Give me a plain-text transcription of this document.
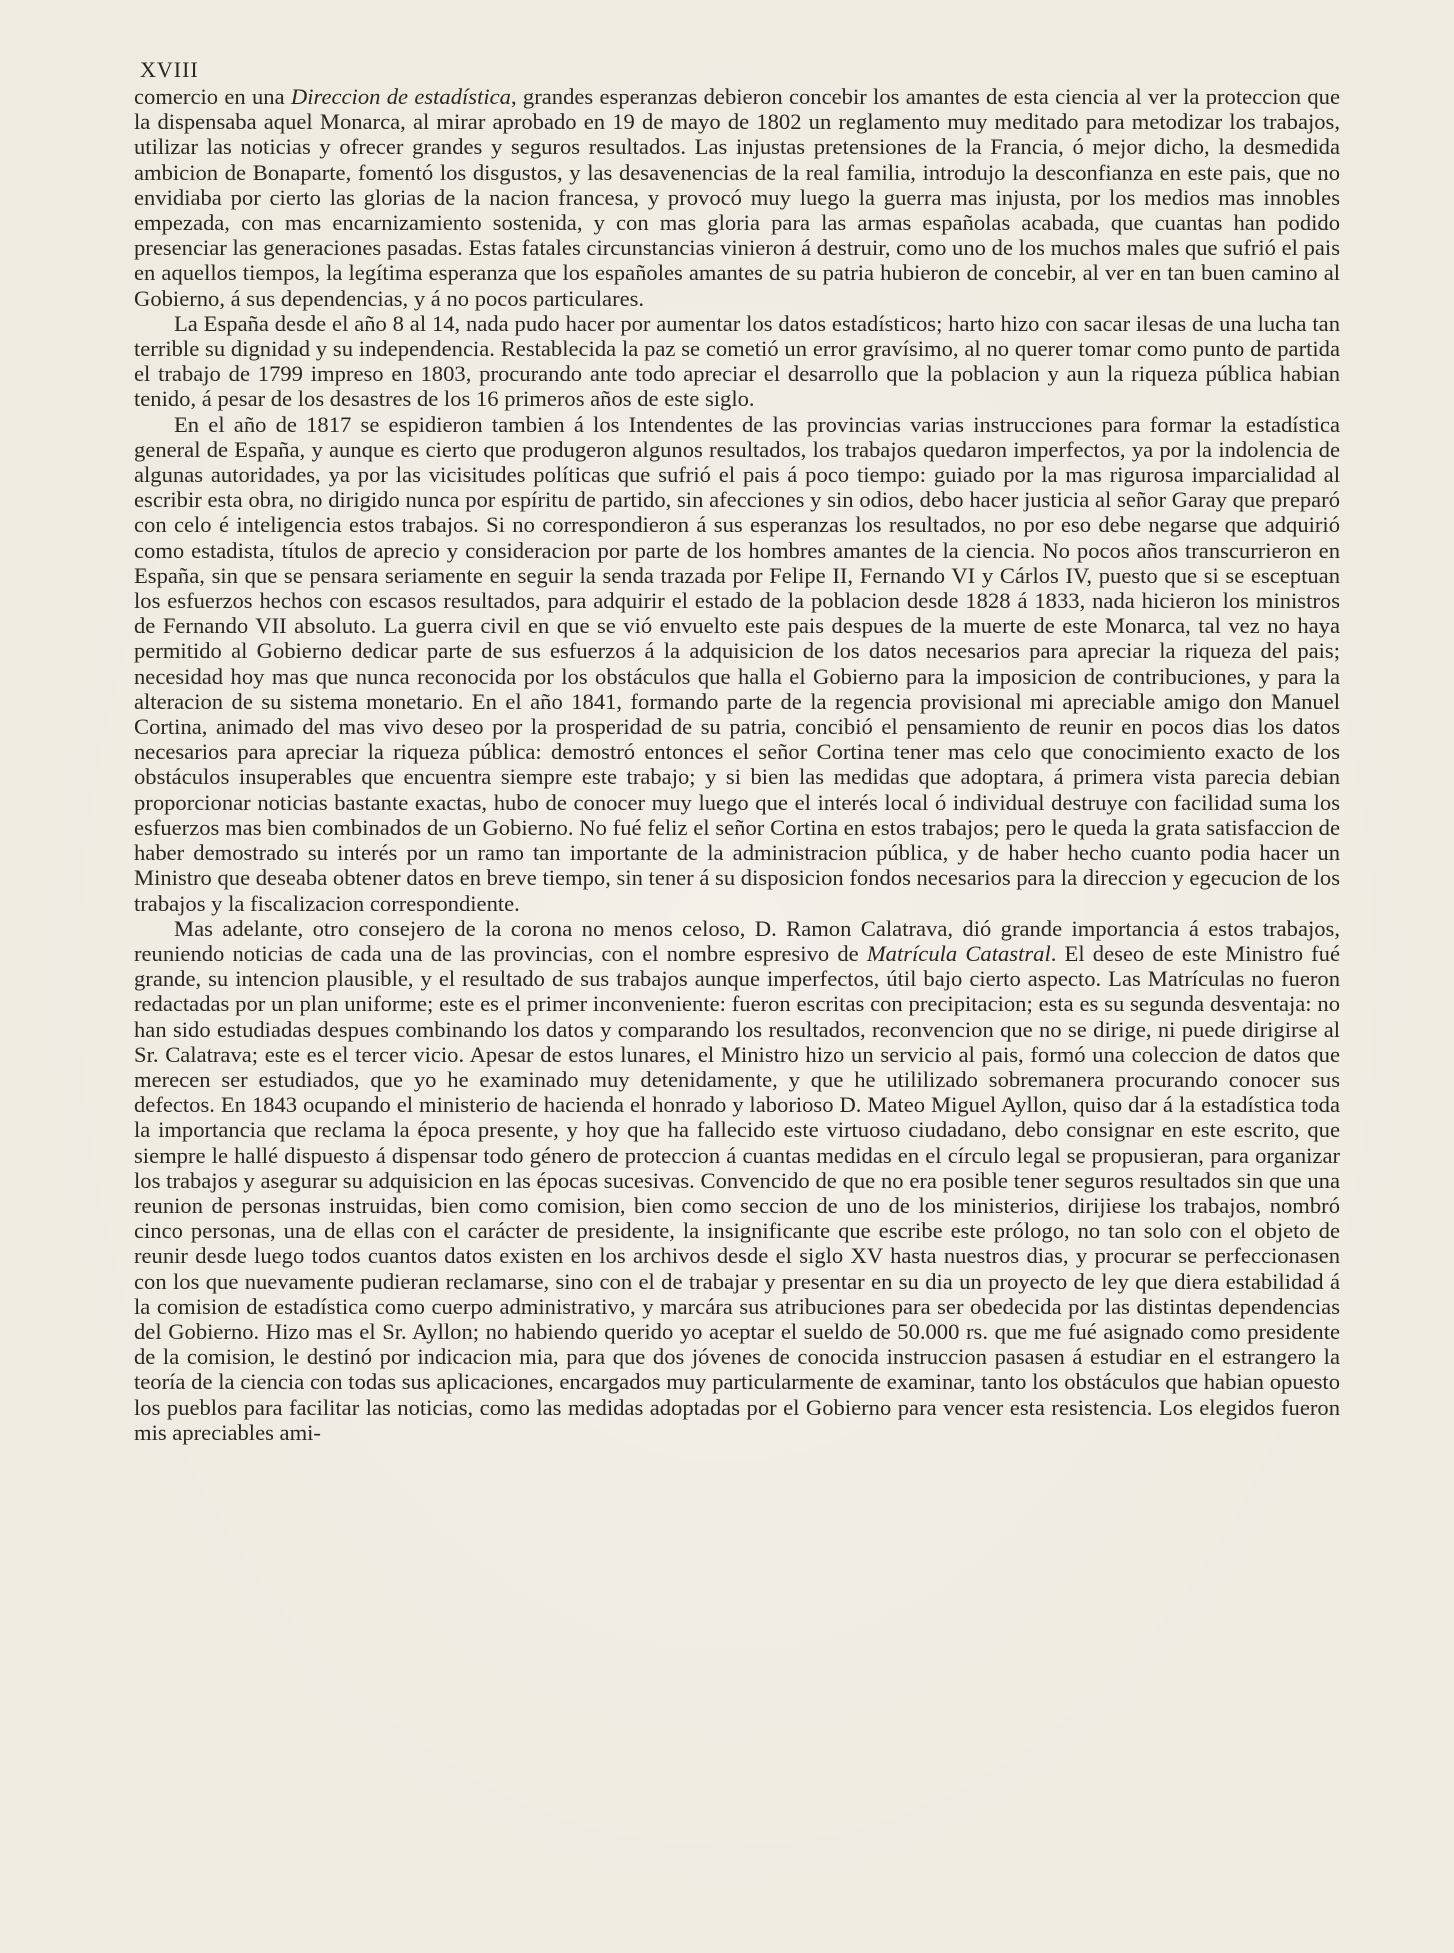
XVIII

comercio en una Direccion de estadística, grandes esperanzas debieron concebir los amantes de esta ciencia al ver la proteccion que la dispensaba aquel Monarca, al mirar aprobado en 19 de mayo de 1802 un reglamento muy meditado para metodizar los trabajos, utilizar las noticias y ofrecer grandes y seguros resultados. Las injustas pretensiones de la Francia, ó mejor dicho, la desmedida ambicion de Bonaparte, fomentó los disgustos, y las desavenencias de la real familia, introdujo la desconfianza en este pais, que no envidiaba por cierto las glorias de la nacion francesa, y provocó muy luego la guerra mas injusta, por los medios mas innobles empezada, con mas encarnizamiento sostenida, y con mas gloria para las armas españolas acabada, que cuantas han podido presenciar las generaciones pasadas. Estas fatales circunstancias vinieron á destruir, como uno de los muchos males que sufrió el pais en aquellos tiempos, la legítima esperanza que los españoles amantes de su patria hubieron de concebir, al ver en tan buen camino al Gobierno, á sus dependencias, y á no pocos particulares.

La España desde el año 8 al 14, nada pudo hacer por aumentar los datos estadísticos; harto hizo con sacar ilesas de una lucha tan terrible su dignidad y su independencia. Restablecida la paz se cometió un error gravísimo, al no querer tomar como punto de partida el trabajo de 1799 impreso en 1803, procurando ante todo apreciar el desarrollo que la poblacion y aun la riqueza pública habian tenido, á pesar de los desastres de los 16 primeros años de este siglo.

En el año de 1817 se espidieron tambien á los Intendentes de las provincias varias instrucciones para formar la estadística general de España, y aunque es cierto que produgeron algunos resultados, los trabajos quedaron imperfectos, ya por la indolencia de algunas autoridades, ya por las vicisitudes políticas que sufrió el pais á poco tiempo: guiado por la mas rigurosa imparcialidad al escribir esta obra, no dirigido nunca por espíritu de partido, sin afecciones y sin odios, debo hacer justicia al señor Garay que preparó con celo é inteligencia estos trabajos. Si no correspondieron á sus esperanzas los resultados, no por eso debe negarse que adquirió como estadista, títulos de aprecio y consideracion por parte de los hombres amantes de la ciencia. No pocos años transcurrieron en España, sin que se pensara seriamente en seguir la senda trazada por Felipe II, Fernando VI y Cárlos IV, puesto que si se esceptuan los esfuerzos hechos con escasos resultados, para adquirir el estado de la poblacion desde 1828 á 1833, nada hicieron los ministros de Fernando VII absoluto. La guerra civil en que se vió envuelto este pais despues de la muerte de este Monarca, tal vez no haya permitido al Gobierno dedicar parte de sus esfuerzos á la adquisicion de los datos necesarios para apreciar la riqueza del pais; necesidad hoy mas que nunca reconocida por los obstáculos que halla el Gobierno para la imposicion de contribuciones, y para la alteracion de su sistema monetario. En el año 1841, formando parte de la regencia provisional mi apreciable amigo don Manuel Cortina, animado del mas vivo deseo por la prosperidad de su patria, concibió el pensamiento de reunir en pocos dias los datos necesarios para apreciar la riqueza pública: demostró entonces el señor Cortina tener mas celo que conocimiento exacto de los obstáculos insuperables que encuentra siempre este trabajo; y si bien las medidas que adoptara, á primera vista parecia debian proporcionar noticias bastante exactas, hubo de conocer muy luego que el interés local ó individual destruye con facilidad suma los esfuerzos mas bien combinados de un Gobierno. No fué feliz el señor Cortina en estos trabajos; pero le queda la grata satisfaccion de haber demostrado su interés por un ramo tan importante de la administracion pública, y de haber hecho cuanto podia hacer un Ministro que deseaba obtener datos en breve tiempo, sin tener á su disposicion fondos necesarios para la direccion y egecucion de los trabajos y la fiscalizacion correspondiente.

Mas adelante, otro consejero de la corona no menos celoso, D. Ramon Calatrava, dió grande importancia á estos trabajos, reuniendo noticias de cada una de las provincias, con el nombre espresivo de Matrícula Catastral. El deseo de este Ministro fué grande, su intencion plausible, y el resultado de sus trabajos aunque imperfectos, útil bajo cierto aspecto. Las Matrículas no fueron redactadas por un plan uniforme; este es el primer inconveniente: fueron escritas con precipitacion; esta es su segunda desventaja: no han sido estudiadas despues combinando los datos y comparando los resultados, reconvencion que no se dirige, ni puede dirigirse al Sr. Calatrava; este es el tercer vicio. Apesar de estos lunares, el Ministro hizo un servicio al pais, formó una coleccion de datos que merecen ser estudiados, que yo he examinado muy detenidamente, y que he utililizado sobremanera procurando conocer sus defectos. En 1843 ocupando el ministerio de hacienda el honrado y laborioso D. Mateo Miguel Ayllon, quiso dar á la estadística toda la importancia que reclama la época presente, y hoy que ha fallecido este virtuoso ciudadano, debo consignar en este escrito, que siempre le hallé dispuesto á dispensar todo género de proteccion á cuantas medidas en el círculo legal se propusieran, para organizar los trabajos y asegurar su adquisicion en las épocas sucesivas. Convencido de que no era posible tener seguros resultados sin que una reunion de personas instruidas, bien como comision, bien como seccion de uno de los ministerios, dirijiese los trabajos, nombró cinco personas, una de ellas con el carácter de presidente, la insignificante que escribe este prólogo, no tan solo con el objeto de reunir desde luego todos cuantos datos existen en los archivos desde el siglo XV hasta nuestros dias, y procurar se perfeccionasen con los que nuevamente pudieran reclamarse, sino con el de trabajar y presentar en su dia un proyecto de ley que diera estabilidad á la comision de estadística como cuerpo administrativo, y marcára sus atribuciones para ser obedecida por las distintas dependencias del Gobierno. Hizo mas el Sr. Ayllon; no habiendo querido yo aceptar el sueldo de 50.000 rs. que me fué asignado como presidente de la comision, le destinó por indicacion mia, para que dos jóvenes de conocida instruccion pasasen á estudiar en el estrangero la teoría de la ciencia con todas sus aplicaciones, encargados muy particularmente de examinar, tanto los obstáculos que habian opuesto los pueblos para facilitar las noticias, como las medidas adoptadas por el Gobierno para vencer esta resistencia. Los elegidos fueron mis apreciables ami-
